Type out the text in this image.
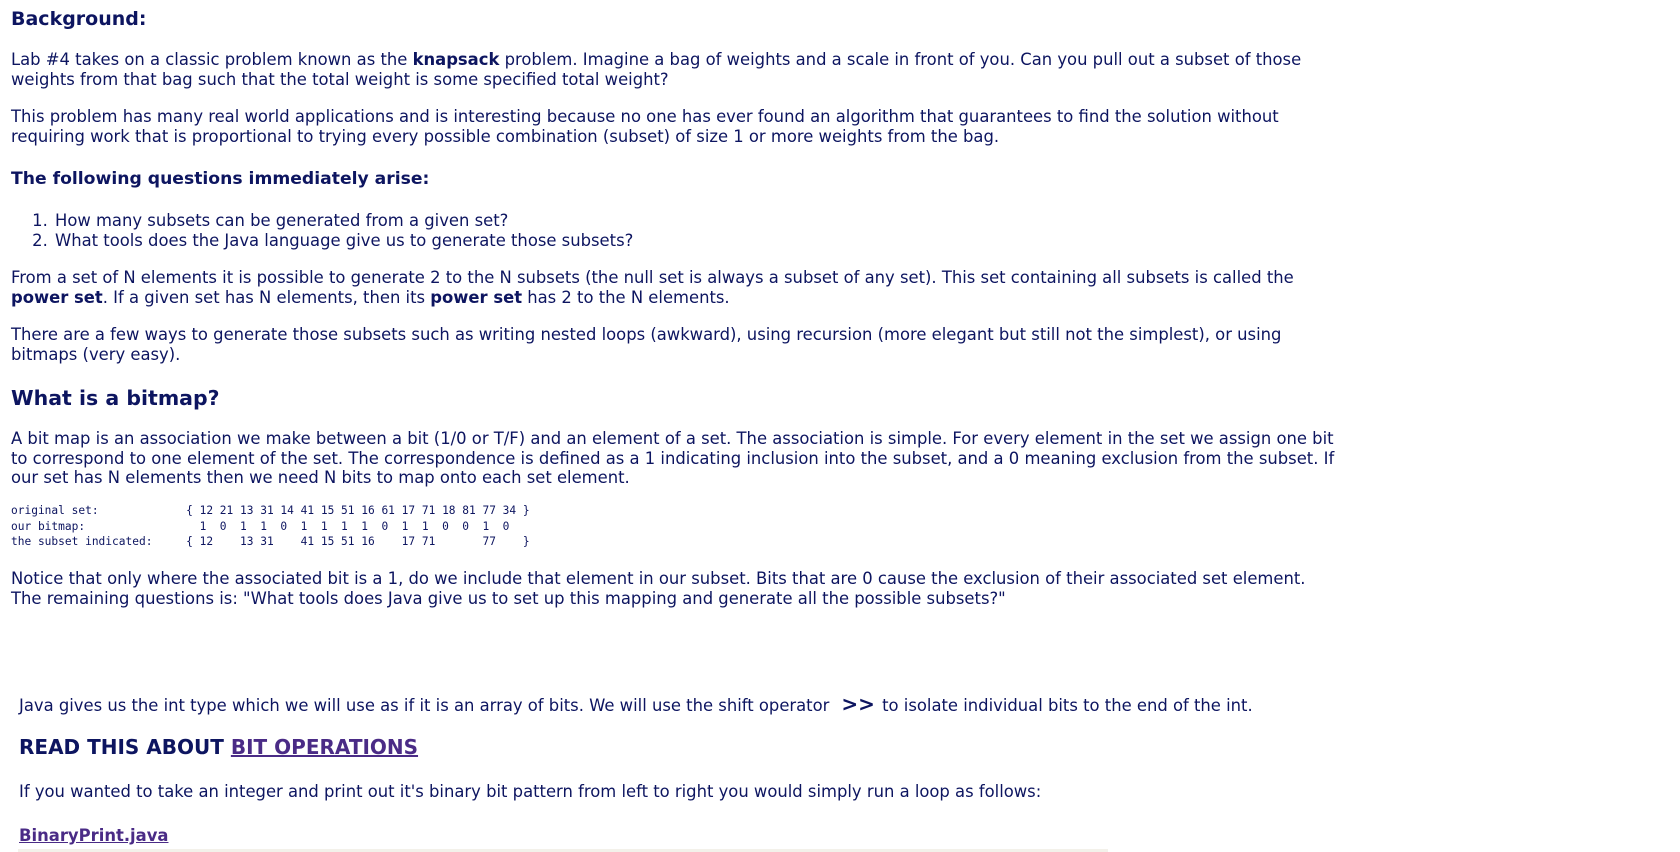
Background:

Lab #4 takes on a classic problem known as the knapsack problem. Imagine a bag of weights and a scale in front of you. Can you pull out a subset of those weights from that bag such that the total weight is some specified total weight?

This problem has many real world applications and is interesting because no one has ever found an algorithm that guarantees to find the solution without requiring work that is proportional to trying every possible combination (subset) of size 1 or more weights from the bag.

The following questions immediately arise:
1. How many subsets can be generated from a given set?
2. What tools does the Java language give us to generate those subsets?

From a set of N elements it is possible to generate 2 to the N subsets (the null set is always a subset of any set). This set containing all subsets is called the power set. If a given set has N elements, then its power set has 2 to the N elements.

There are a few ways to generate those subsets such as writing nested loops (awkward), using recursion (more elegant but still not the simplest), or using bitmaps (very easy).

What is a bitmap?

A bit map is an association we make between a bit (1/0 or T/F) and an element of a set. The association is simple. For every element in the set we assign one bit to correspond to one element of the set. The correspondence is defined as a 1 indicating inclusion into the subset, and a 0 meaning exclusion from the subset. If our set has N elements then we need N bits to map onto each set element.

original set:             { 12 21 13 31 14 41 15 51 16 61 17 71 18 81 77 34 }
our bitmap:                 1  0  1  1  0  1  1  1  1  0  1  1  0  0  1  0
the subset indicated:     { 12    13 31    41 15 51 16    17 71       77    }

Notice that only where the associated bit is a 1, do we include that element in our subset. Bits that are 0 cause the exclusion of their associated set element. The remaining questions is: "What tools does Java give us to set up this mapping and generate all the possible subsets?"

Java gives us the int type which we will use as if it is an array of bits. We will use the shift operator >> to isolate individual bits to the end of the int.

READ THIS ABOUT BIT OPERATIONS

If you wanted to take an integer and print out it's binary bit pattern from left to right you would simply run a loop as follows:

BinaryPrint.java
